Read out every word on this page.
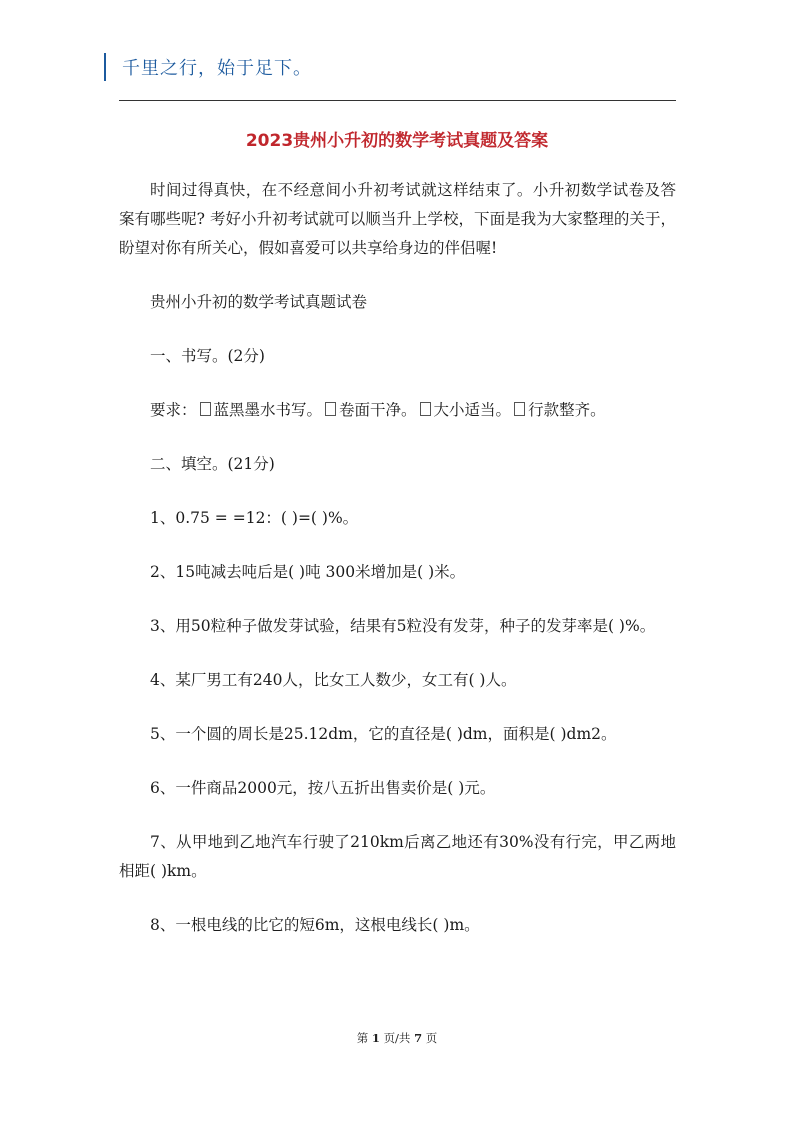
千里之行，始于足下。
2023贵州小升初的数学考试真题及答案

时间过得真快，在不经意间小升初考试就这样结束了。小升初数学试卷及答案有哪些呢? 考好小升初考试就可以顺当升上学校，下面是我为大家整理的关于，盼望对你有所关心，假如喜爱可以共享给身边的伴侣喔!

贵州小升初的数学考试真题试卷

一、书写。(2分)

要求： 蓝黑墨水书写。 卷面干净。 大小适当。 行款整齐。

二、填空。(21分)

1、0.75 = =12：( )=( )%。

2、15吨减去吨后是( )吨 300米增加是( )米。

3、用50粒种子做发芽试验，结果有5粒没有发芽，种子的发芽率是( )%。

4、某厂男工有240人，比女工人数少，女工有( )人。

5、一个圆的周长是25.12dm，它的直径是( )dm，面积是( )dm2。

6、一件商品2000元，按八五折出售卖价是( )元。

7、从甲地到乙地汽车行驶了210km后离乙地还有30%没有行完，甲乙两地相距( )km。

8、一根电线的比它的短6m，这根电线长( )m。

第 1 页/共 7 页
